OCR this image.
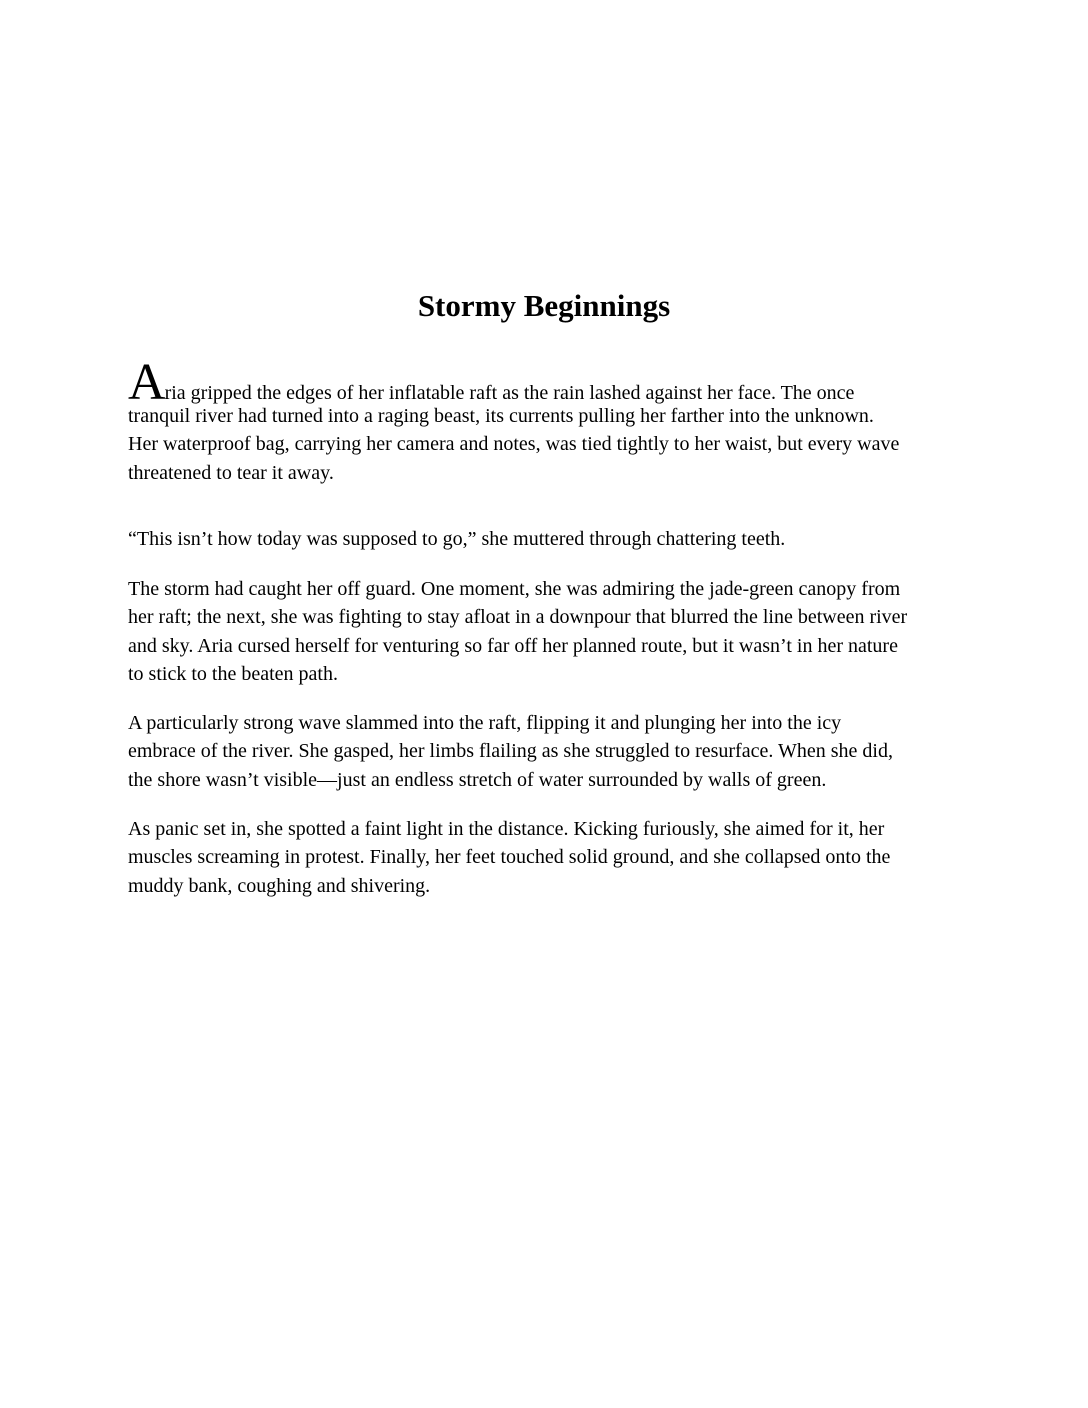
Stormy Beginnings
Aria gripped the edges of her inflatable raft as the rain lashed against her face. The once
tranquil river had turned into a raging beast, its currents pulling her farther into the unknown.
Her waterproof bag, carrying her camera and notes, was tied tightly to her waist, but every wave
threatened to tear it away.
“This isn’t how today was supposed to go,” she muttered through chattering teeth.
The storm had caught her off guard. One moment, she was admiring the jade-green canopy from
her raft; the next, she was fighting to stay afloat in a downpour that blurred the line between river
and sky. Aria cursed herself for venturing so far off her planned route, but it wasn’t in her nature
to stick to the beaten path.
A particularly strong wave slammed into the raft, flipping it and plunging her into the icy
embrace of the river. She gasped, her limbs flailing as she struggled to resurface. When she did,
the shore wasn’t visible—just an endless stretch of water surrounded by walls of green.
As panic set in, she spotted a faint light in the distance. Kicking furiously, she aimed for it, her
muscles screaming in protest. Finally, her feet touched solid ground, and she collapsed onto the
muddy bank, coughing and shivering.
